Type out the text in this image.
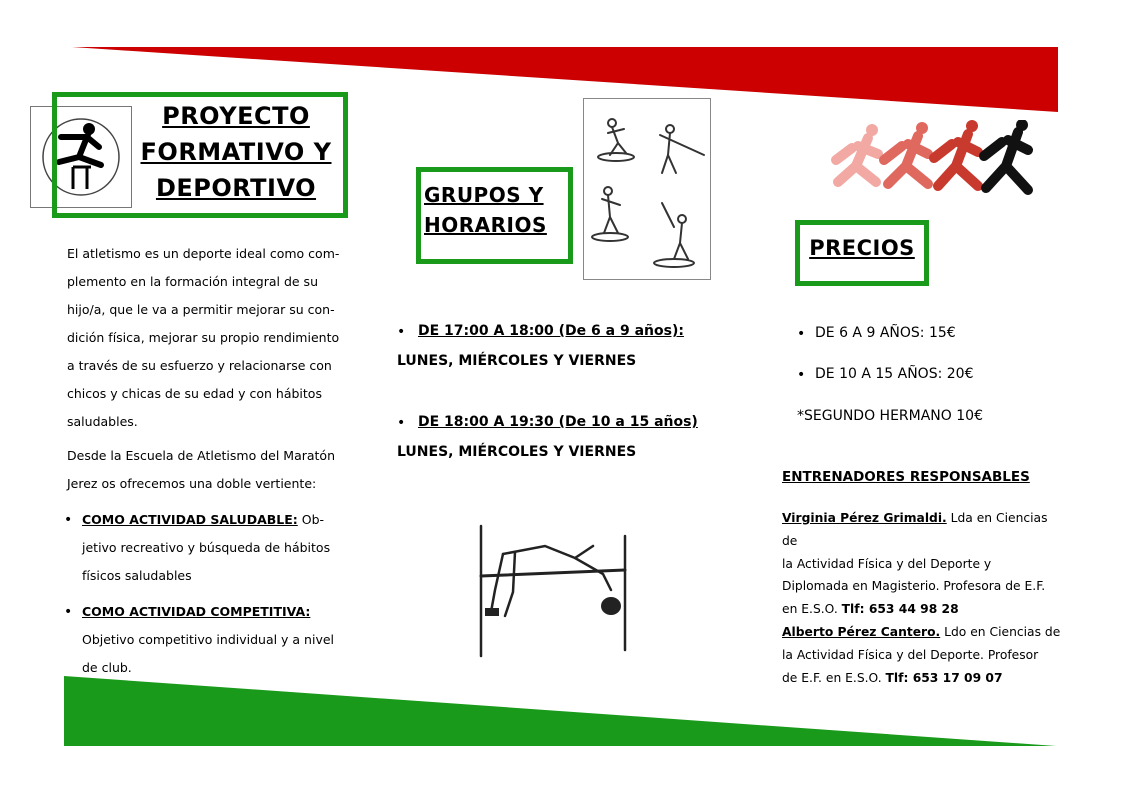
PROYECTO
FORMATIVO Y
DEPORTIVO
El atletismo es un deporte ideal como com-
plemento en la formación integral de su
hijo/a, que le va a permitir mejorar su con-
dición física, mejorar su propio rendimiento
a través de su esfuerzo y relacionarse con
chicos y chicas de su edad y con hábitos
saludables.
Desde la Escuela de Atletismo del Maratón
Jerez os ofrecemos una doble vertiente:
• COMO ACTIVIDAD SALUDABLE: Ob-
jetivo recreativo y búsqueda de hábitos
físicos saludables
• COMO ACTIVIDAD COMPETITIVA:
Objetivo competitivo individual y a nivel
de club.
GRUPOS Y
HORARIOS
• DE 17:00 A 18:00 (De 6 a 9 años):
LUNES, MIÉRCOLES Y VIERNES
• DE 18:00 A 19:30 (De 10 a 15 años)
LUNES, MIÉRCOLES Y VIERNES
PRECIOS
• DE 6 A 9 AÑOS: 15€
• DE 10 A 15 AÑOS: 20€
*SEGUNDO HERMANO 10€
ENTRENADORES RESPONSABLES
Virginia Pérez Grimaldi. Lda en Ciencias de
la Actividad Física y del Deporte y
Diplomada en Magisterio. Profesora de E.F.
en E.S.O. Tlf: 653 44 98 28
Alberto Pérez Cantero. Ldo en Ciencias de
la Actividad Física y del Deporte. Profesor
de E.F. en E.S.O. Tlf: 653 17 09 07
